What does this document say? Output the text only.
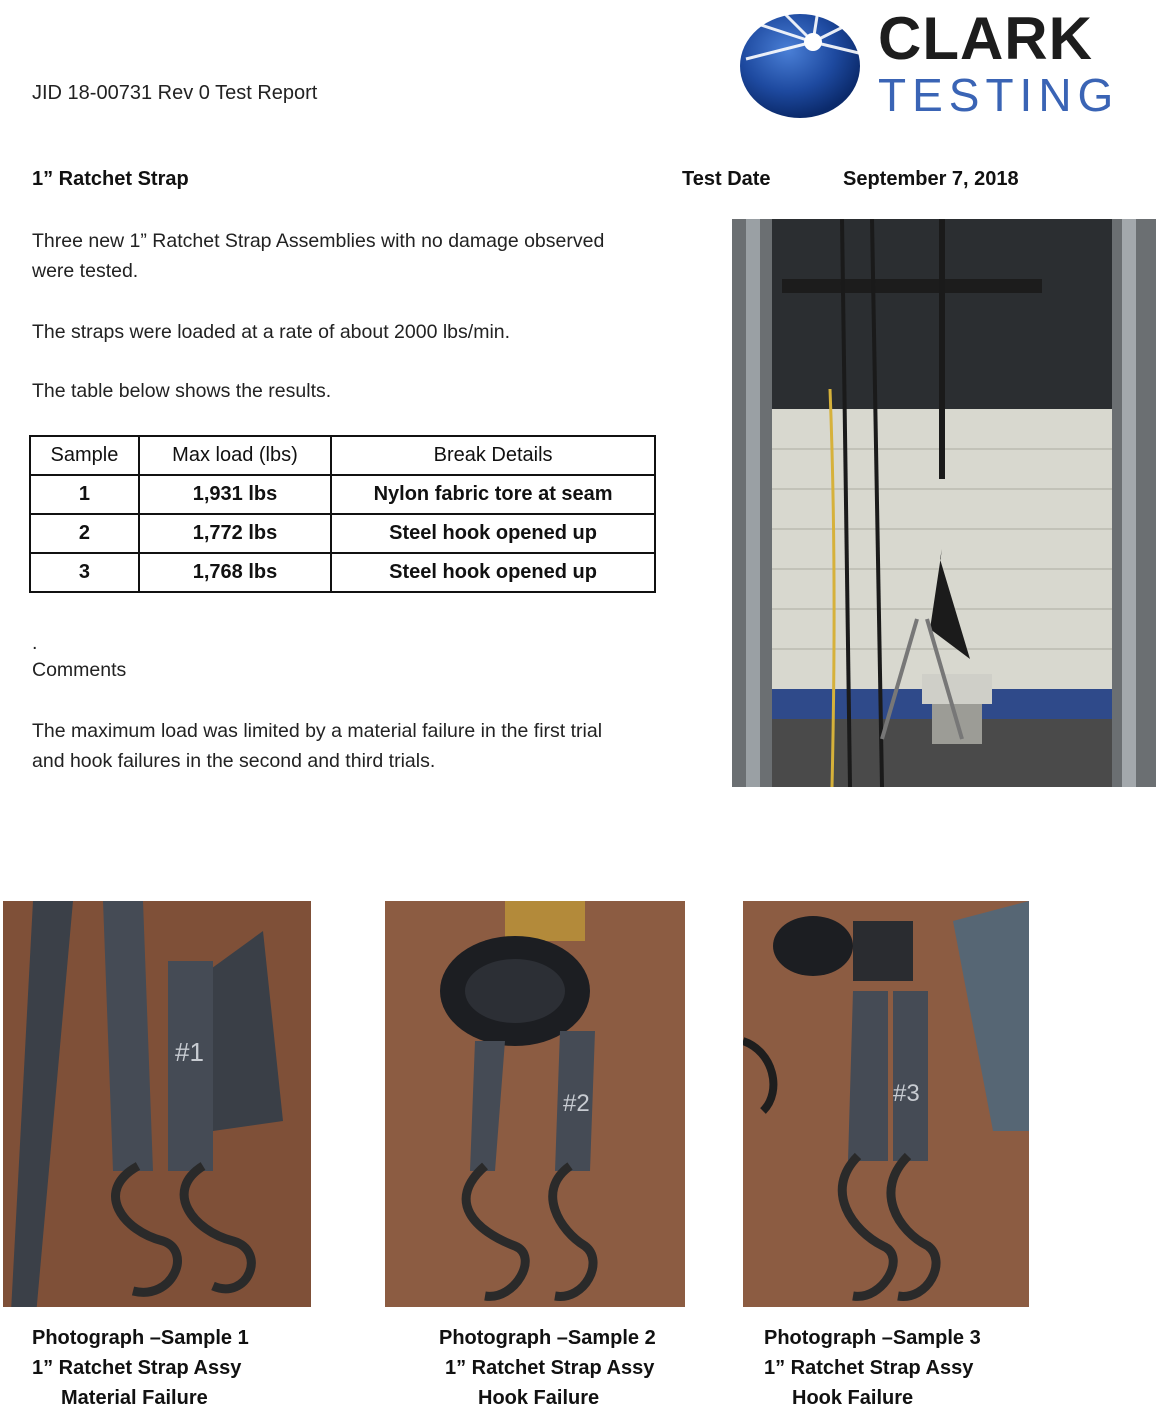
JID 18-00731 Rev 0 Test Report
CLARK
TESTING
1” Ratchet Strap	Test Date	September 7, 2018
Three new 1” Ratchet Strap Assemblies with no damage observed
were tested.
The straps were loaded at a rate of about 2000 lbs/min.
The table below shows the results.
Sample	Max load (lbs)	Break Details
1	1,931 lbs	Nylon fabric tore at seam
2	1,772 lbs	Steel hook opened up
3	1,768 lbs	Steel hook opened up
.
Comments
The maximum load was limited by a material failure in the first trial
and hook failures in the second and third trials.
#1
#2	#3
Photograph –Sample 1
1” Ratchet Strap Assy
Material Failure
Photograph –Sample 2
1” Ratchet Strap Assy
Hook Failure
Photograph –Sample 3
1” Ratchet Strap Assy
Hook Failure
